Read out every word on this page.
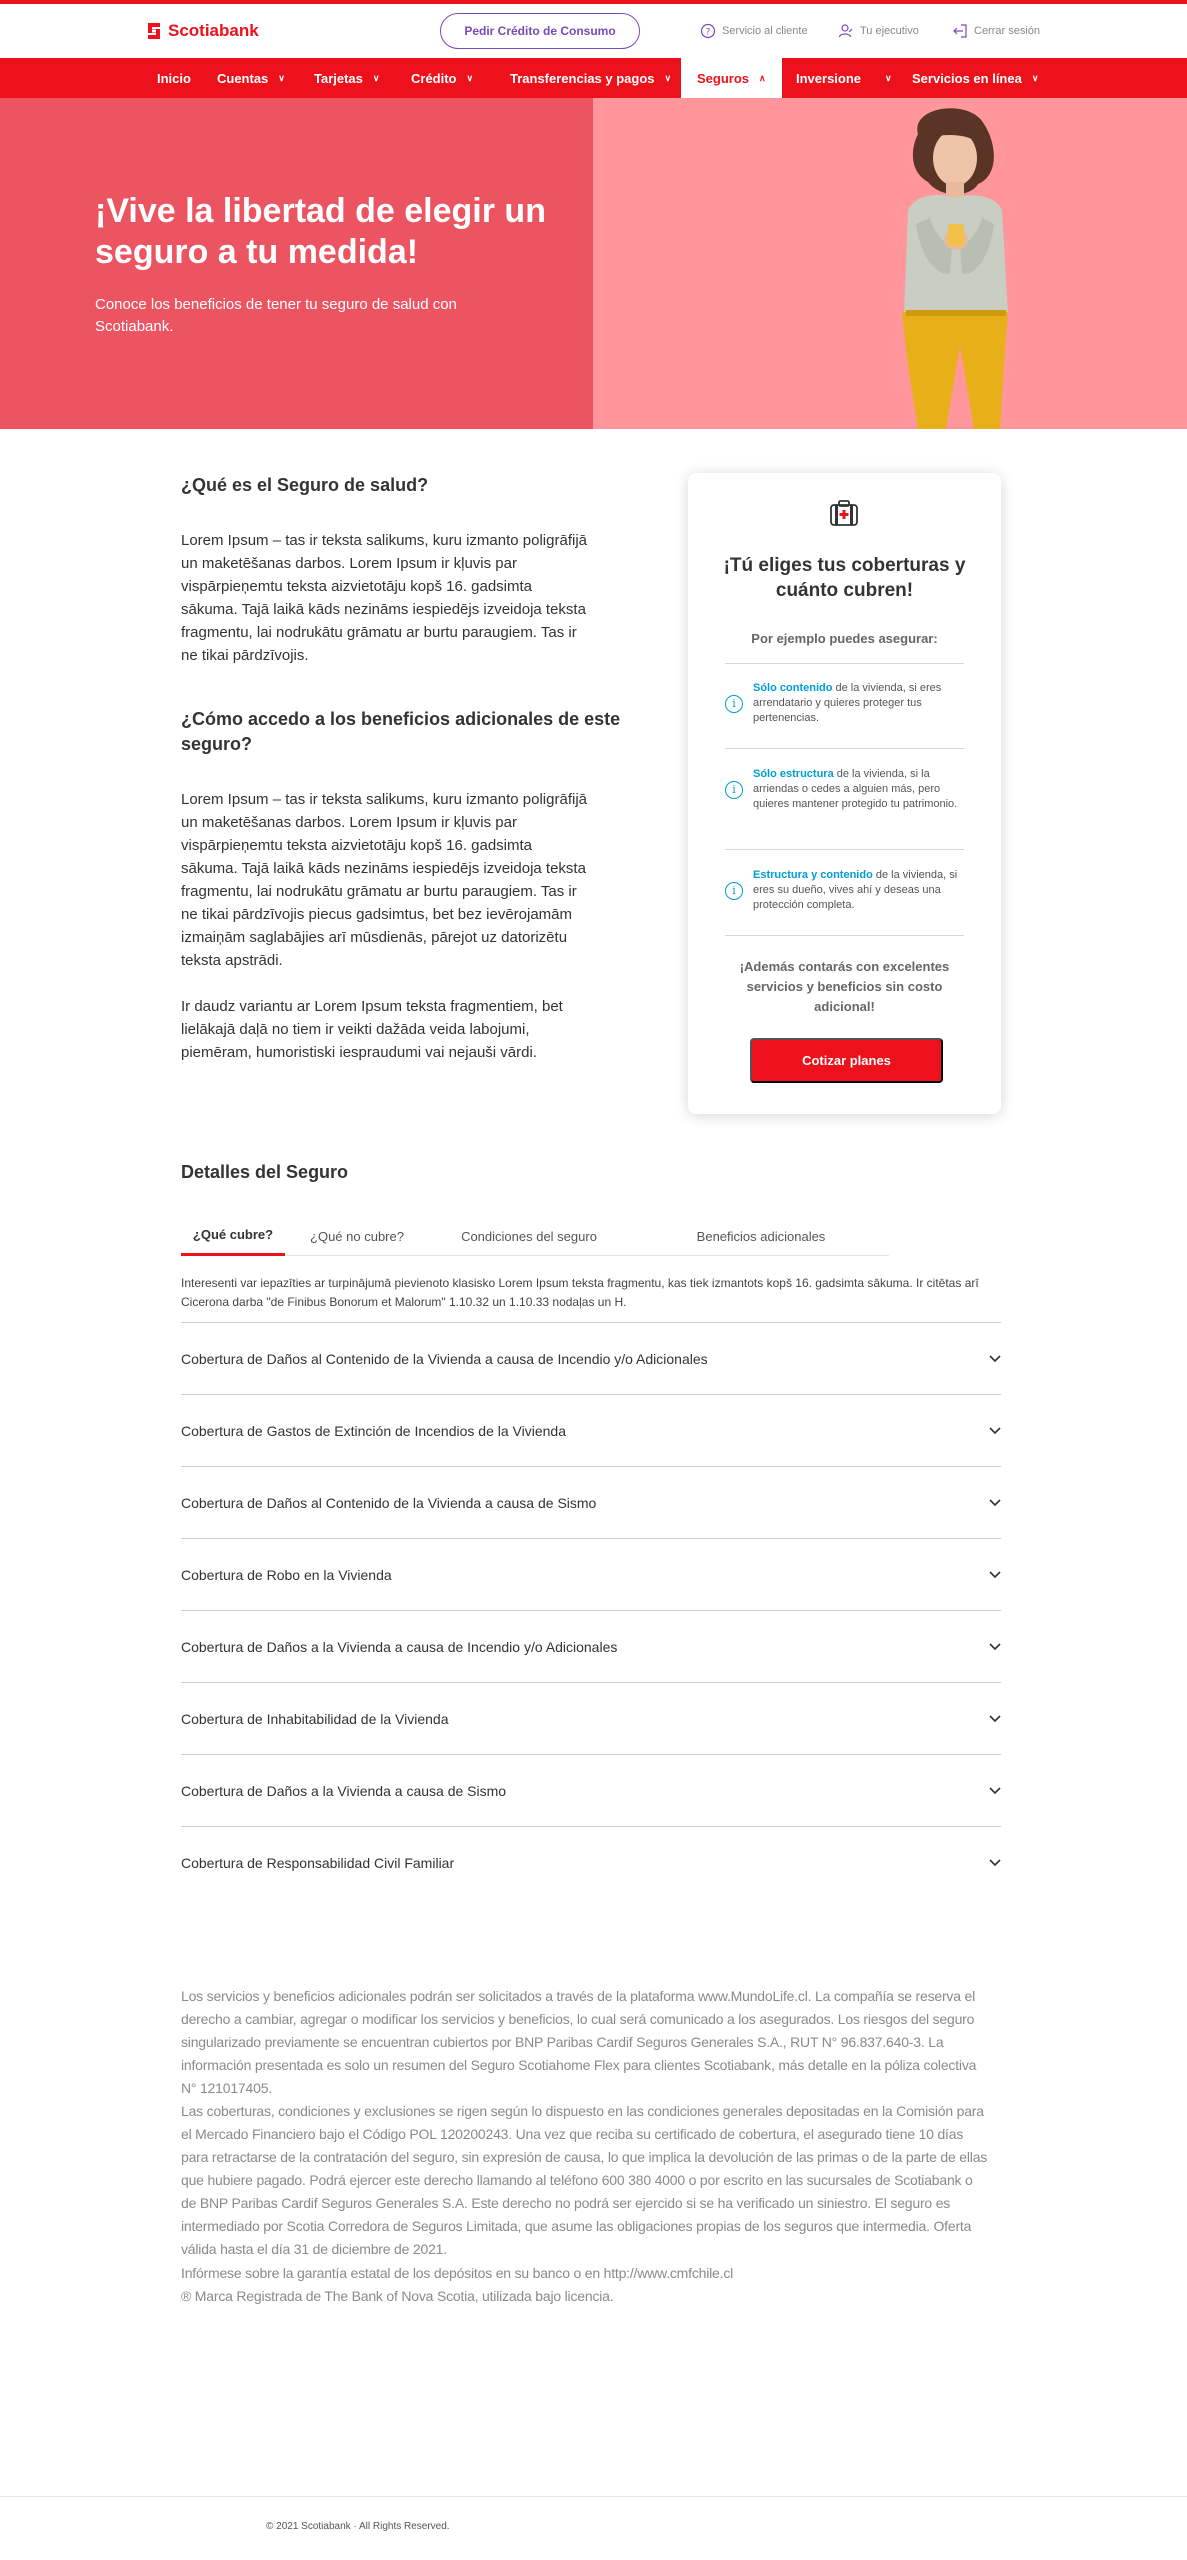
Scotiabank	Pedir Crédito de Consumo	? Servicio al cliente	Tu ejecutivo	Cerrar sesión
Inicio Cuentas ∨ Tarjetas ∨ Crédito ∨	Transferencias y pagos ∨ Seguros ∧ Inversione	∨ Servicios en línea ∨
¡Vive la libertad de elegir un seguro a tu medida!

Conoce los beneficios de tener tu seguro de salud con Scotiabank.

¿Qué es el Seguro de salud?

Lorem Ipsum – tas ir teksta salikums, kuru izmanto poligrāfijā un maketēšanas darbos. Lorem Ipsum ir kļuvis par vispārpieņemtu teksta aizvietotāju kopš 16. gadsimta sākuma. Tajā laikā kāds nezināms iespiedējs izveidoja teksta fragmentu, lai nodrukātu grāmatu ar burtu paraugiem. Tas ir ne tikai pārdzīvojis.

¿Cómo accedo a los beneficios adicionales de este seguro?

Lorem Ipsum – tas ir teksta salikums, kuru izmanto poligrāfijā un maketēšanas darbos. Lorem Ipsum ir kļuvis par vispārpieņemtu teksta aizvietotāju kopš 16. gadsimta sākuma. Tajā laikā kāds nezināms iespiedējs izveidoja teksta fragmentu, lai nodrukātu grāmatu ar burtu paraugiem. Tas ir ne tikai pārdzīvojis piecus gadsimtus, bet bez ievērojamām izmaiņām saglabājies arī mūsdienās, pārejot uz datorizētu teksta apstrādi.

Ir daudz variantu ar Lorem Ipsum teksta fragmentiem, bet lielākajā daļā no tiem ir veikti dažāda veida labojumi, piemēram, humoristiski iespraudumi vai nejauši vārdi.

¡Tú eliges tus coberturas y cuánto cubren!
Por ejemplo puedes asegurar:
i
Sólo contenido de la vivienda, si eres arrendatario y quieres proteger tus pertenencias.
i
Sólo estructura de la vivienda, si la arriendas o cedes a alguien más, pero quieres mantener protegido tu patrimonio.
i
Estructura y contenido de la vivienda, si eres su dueño, vives ahí y deseas una protección completa.
¡Además contarás con excelentes servicios y beneficios sin costo adicional!
Cotizar planes
Detalles del Seguro
¿Qué cubre?	¿Qué no cubre?	Condiciones del seguro	Beneficios adicionales

Interesenti var iepazīties ar turpinājumā pievienoto klasisko Lorem Ipsum teksta fragmentu, kas tiek izmantots kopš 16. gadsimta sākuma. Ir citētas arī Cicerona darba "de Finibus Bonorum et Malorum" 1.10.32 un 1.10.33 nodaļas un H.

Cobertura de Daños al Contenido de la Vivienda a causa de Incendio y/o Adicionales
Cobertura de Gastos de Extinción de Incendios de la Vivienda
Cobertura de Daños al Contenido de la Vivienda a causa de Sismo
Cobertura de Robo en la Vivienda
Cobertura de Daños a la Vivienda a causa de Incendio y/o Adicionales
Cobertura de Inhabitabilidad de la Vivienda
Cobertura de Daños a la Vivienda a causa de Sismo
Cobertura de Responsabilidad Civil Familiar

Los servicios y beneficios adicionales podrán ser solicitados a través de la plataforma www.MundoLife.cl. La compañía se reserva el derecho a cambiar, agregar o modificar los servicios y beneficios, lo cual será comunicado a los asegurados. Los riesgos del seguro singularizado previamente se encuentran cubiertos por BNP Paribas Cardif Seguros Generales S.A., RUT N° 96.837.640-3. La información presentada es solo un resumen del Seguro Scotiahome Flex para clientes Scotiabank, más detalle en la póliza colectiva N° 121017405.

Las coberturas, condiciones y exclusiones se rigen según lo dispuesto en las condiciones generales depositadas en la Comisión para el Mercado Financiero bajo el Código POL 120200243. Una vez que reciba su certificado de cobertura, el asegurado tiene 10 días para retractarse de la contratación del seguro, sin expresión de causa, lo que implica la devolución de las primas o de la parte de ellas que hubiere pagado. Podrá ejercer este derecho llamando al teléfono 600 380 4000 o por escrito en las sucursales de Scotiabank o de BNP Paribas Cardif Seguros Generales S.A. Este derecho no podrá ser ejercido si se ha verificado un siniestro. El seguro es intermediado por Scotia Corredora de Seguros Limitada, que asume las obligaciones propias de los seguros que intermedia. Oferta válida hasta el día 31 de diciembre de 2021.

Infórmese sobre la garantía estatal de los depósitos en su banco o en http://www.cmfchile.cl

® Marca Registrada de The Bank of Nova Scotia, utilizada bajo licencia.

© 2021 Scotiabank · All Rights Reserved.
